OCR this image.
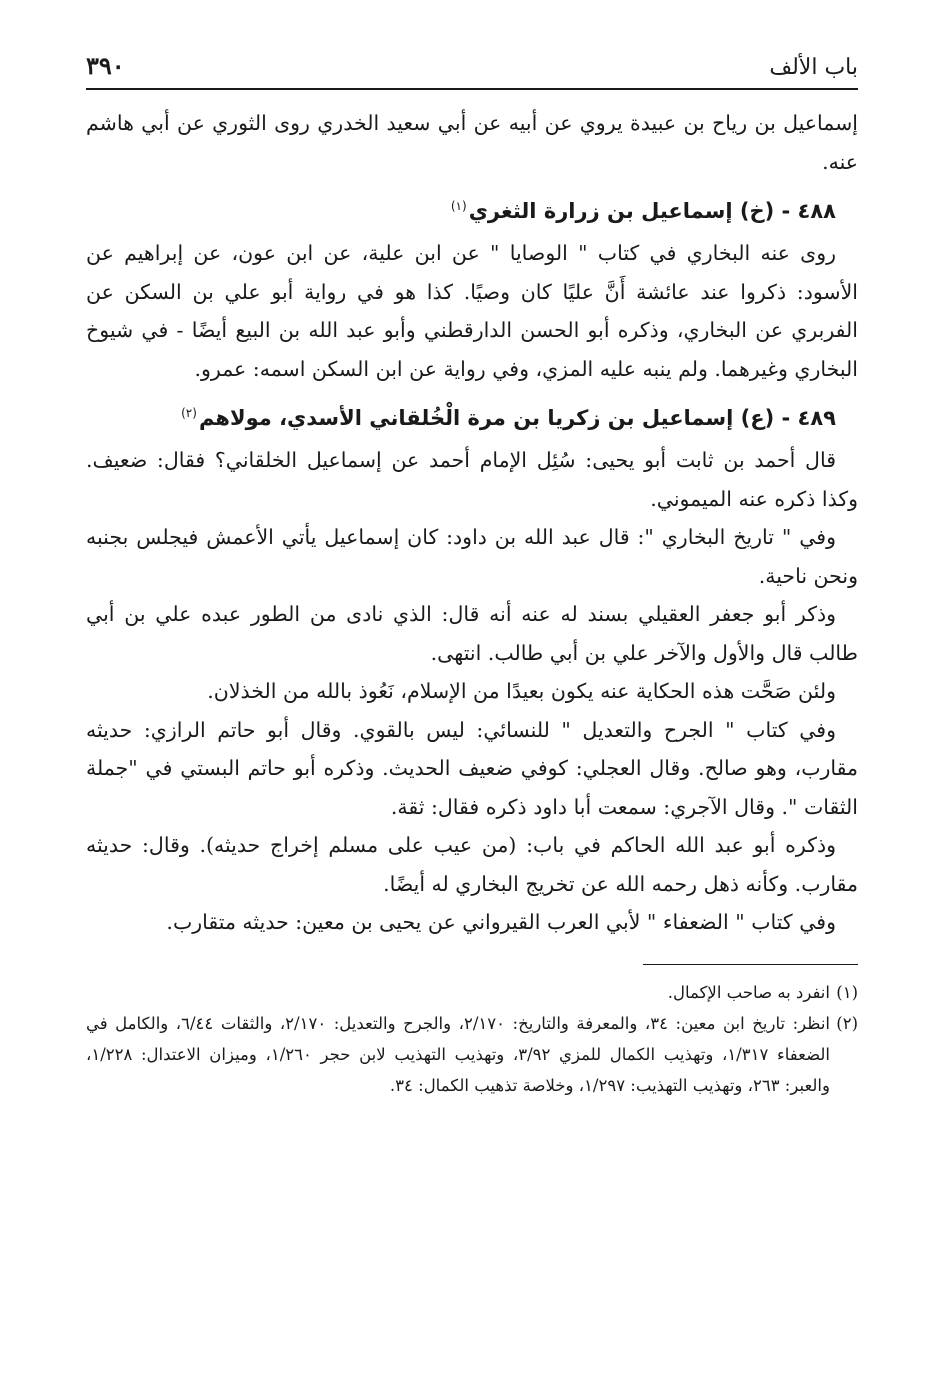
باب الألف
٣٩٠

إسماعيل بن رياح بن عبيدة يروي عن أبيه عن أبي سعيد الخدري روى الثوري عن أبي هاشم عنه.

٤٨٨ - (خ) إسماعيل بن زرارة الثغري$^{(١)}$

روى عنه البخاري في كتاب " الوصايا " عن ابن علية، عن ابن عون، عن إبراهيم عن الأسود: ذكروا عند عائشة أَنَّ عليًا كان وصيًا. كذا هو في رواية أبو علي بن السكن عن الفربري عن البخاري، وذكره أبو الحسن الدارقطني وأبو عبد الله بن البيع أيضًا - في شيوخ البخاري وغيرهما. ولم ينبه عليه المزي، وفي رواية عن ابن السكن اسمه: عمرو.

٤٨٩ - (ع) إسماعيل بن زكريا بن مرة الْخُلقاني الأسدي، مولاهم$^{(٢)}$

قال أحمد بن ثابت أبو يحيى: سُئِل الإمام أحمد عن إسماعيل الخلقاني؟ فقال: ضعيف. وكذا ذكره عنه الميموني.

وفي " تاريخ البخاري ": قال عبد الله بن داود: كان إسماعيل يأتي الأعمش فيجلس بجنبه ونحن ناحية.

وذكر أبو جعفر العقيلي بسند له عنه أنه قال: الذي نادى من الطور عبده علي بن أبي طالب قال والأول والآخر علي بن أبي طالب. انتهى.

ولئن صَحَّت هذه الحكاية عنه يكون بعيدًا من الإسلام، نَعُوذ بالله من الخذلان.

وفي كتاب " الجرح والتعديل " للنسائي: ليس بالقوي. وقال أبو حاتم الرازي: حديثه مقارب، وهو صالح. وقال العجلي: كوفي ضعيف الحديث. وذكره أبو حاتم البستي في "جملة الثقات ". وقال الآجري: سمعت أبا داود ذكره فقال: ثقة.

وذكره أبو عبد الله الحاكم في باب: (من عيب على مسلم إخراج حديثه). وقال: حديثه مقارب. وكأنه ذهل رحمه الله عن تخريج البخاري له أيضًا.

وفي كتاب " الضعفاء " لأبي العرب القيرواني عن يحيى بن معين: حديثه متقارب.

(١)
انفرد به صاحب الإكمال.

(٢)
انظر: تاريخ ابن معين: ٣٤، والمعرفة والتاريخ: ٢/١٧٠، والجرح والتعديل: ٢/١٧٠، والثقات ٦/٤٤، والكامل في الضعفاء ١/٣١٧، وتهذيب الكمال للمزي ٣/٩٢، وتهذيب التهذيب لابن حجر ١/٢٦٠، وميزان الاعتدال: ١/٢٢٨، والعبر: ٢٦٣، وتهذيب التهذيب: ١/٢٩٧، وخلاصة تذهيب الكمال: ٣٤.
